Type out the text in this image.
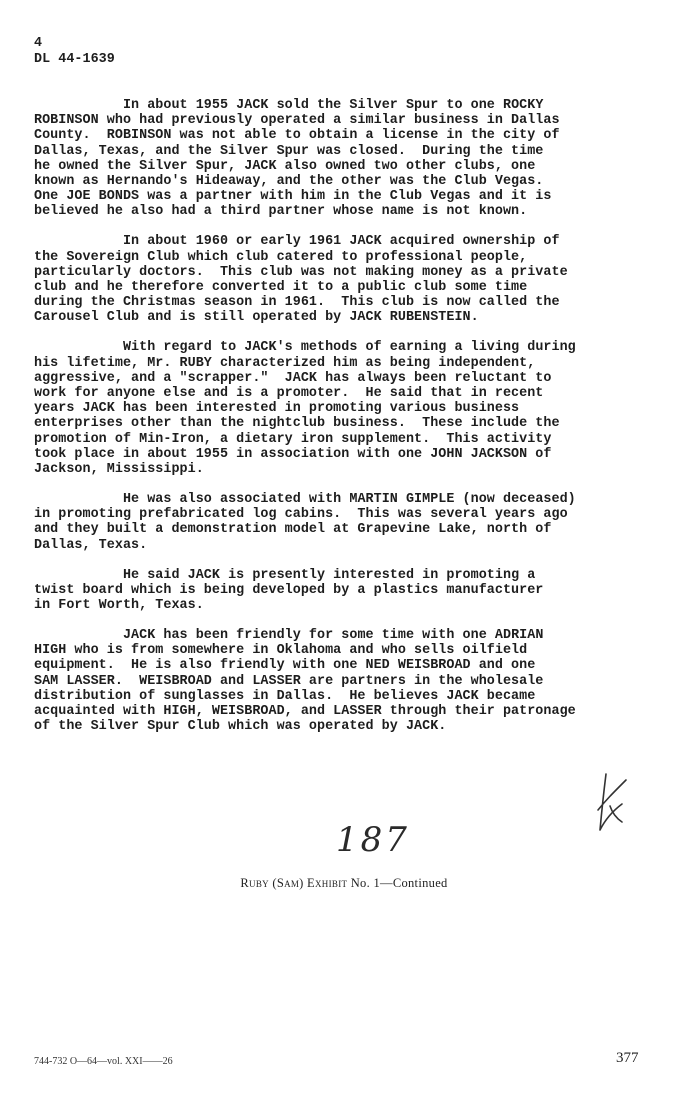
4
DL 44-1639

In about 1955 JACK sold the Silver Spur to one ROCKY
ROBINSON who had previously operated a similar business in Dallas
County.  ROBINSON was not able to obtain a license in the city of
Dallas, Texas, and the Silver Spur was closed.  During the time
he owned the Silver Spur, JACK also owned two other clubs, one
known as Hernando's Hideaway, and the other was the Club Vegas.
One JOE BONDS was a partner with him in the Club Vegas and it is
believed he also had a third partner whose name is not known.

In about 1960 or early 1961 JACK acquired ownership of
the Sovereign Club which club catered to professional people,
particularly doctors.  This club was not making money as a private
club and he therefore converted it to a public club some time
during the Christmas season in 1961.  This club is now called the
Carousel Club and is still operated by JACK RUBENSTEIN.

With regard to JACK's methods of earning a living during
his lifetime, Mr. RUBY characterized him as being independent,
aggressive, and a "scrapper."  JACK has always been reluctant to
work for anyone else and is a promoter.  He said that in recent
years JACK has been interested in promoting various business
enterprises other than the nightclub business.  These include the
promotion of Min-Iron, a dietary iron supplement.  This activity
took place in about 1955 in association with one JOHN JACKSON of
Jackson, Mississippi.

He was also associated with MARTIN GIMPLE (now deceased)
in promoting prefabricated log cabins.  This was several years ago
and they built a demonstration model at Grapevine Lake, north of
Dallas, Texas.

He said JACK is presently interested in promoting a
twist board which is being developed by a plastics manufacturer
in Fort Worth, Texas.

JACK has been friendly for some time with one ADRIAN
HIGH who is from somewhere in Oklahoma and who sells oilfield
equipment.  He is also friendly with one NED WEISBROAD and one
SAM LASSER.  WEISBROAD and LASSER are partners in the wholesale
distribution of sunglasses in Dallas.  He believes JACK became
acquainted with HIGH, WEISBROAD, and LASSER through their patronage
of the Silver Spur Club which was operated by JACK.

187
Ruby (Sam) Exhibit No. 1—Continued
744-732 O—64—vol. XXI——26	377
